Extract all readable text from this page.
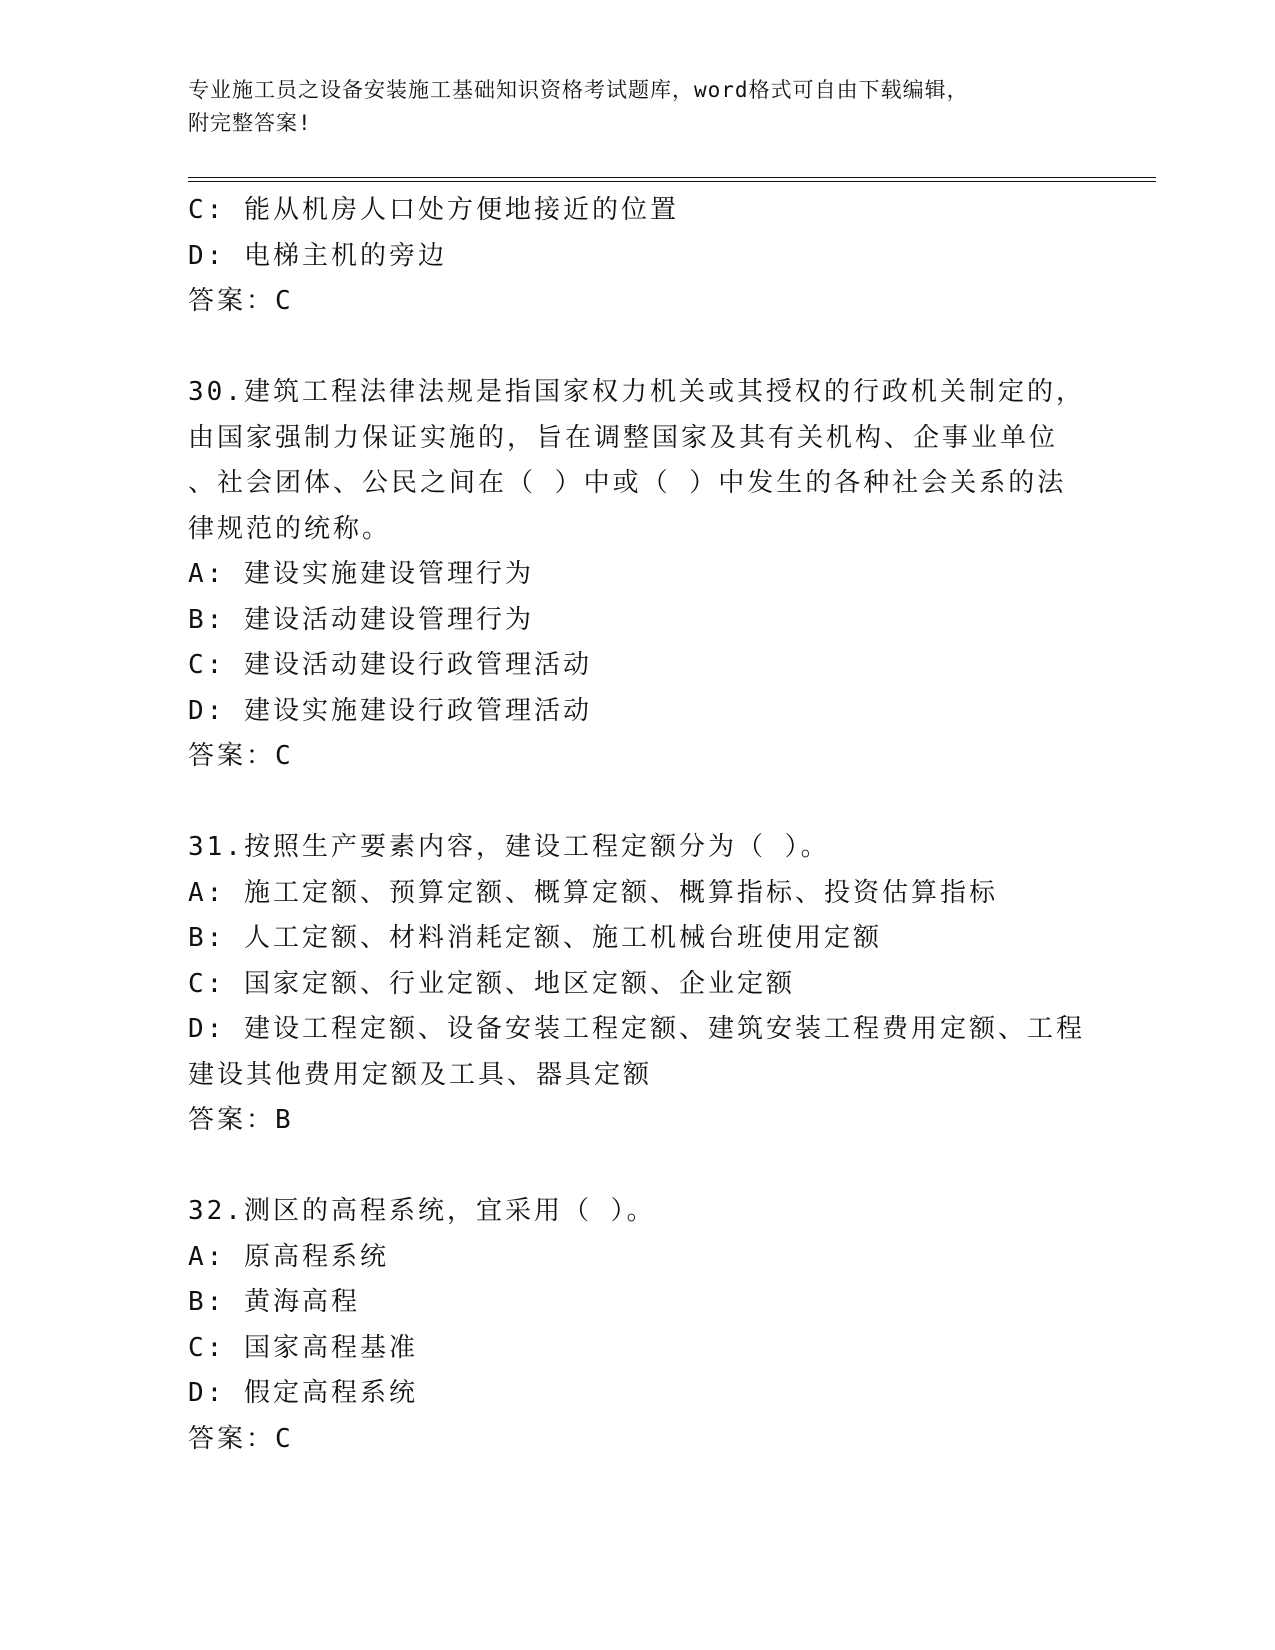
专业施工员之设备安装施工基础知识资格考试题库，word格式可自由下载编辑，
附完整答案!
C: 能从机房人口处方便地接近的位置
D: 电梯主机的旁边
答案：C
30.建筑工程法律法规是指国家权力机关或其授权的行政机关制定的，
由国家强制力保证实施的，旨在调整国家及其有关机构、企事业单位
、社会团体、公民之间在（ ）中或（ ）中发生的各种社会关系的法
律规范的统称。
A: 建设实施建设管理行为
B: 建设活动建设管理行为
C: 建设活动建设行政管理活动
D: 建设实施建设行政管理活动
答案：C
31.按照生产要素内容，建设工程定额分为（ ）。
A: 施工定额、预算定额、概算定额、概算指标、投资估算指标
B: 人工定额、材料消耗定额、施工机械台班使用定额
C: 国家定额、行业定额、地区定额、企业定额
D: 建设工程定额、设备安装工程定额、建筑安装工程费用定额、工程
建设其他费用定额及工具、器具定额
答案：B
32.测区的高程系统，宜采用（ ）。
A: 原高程系统
B: 黄海高程
C: 国家高程基准
D: 假定高程系统
答案：C
